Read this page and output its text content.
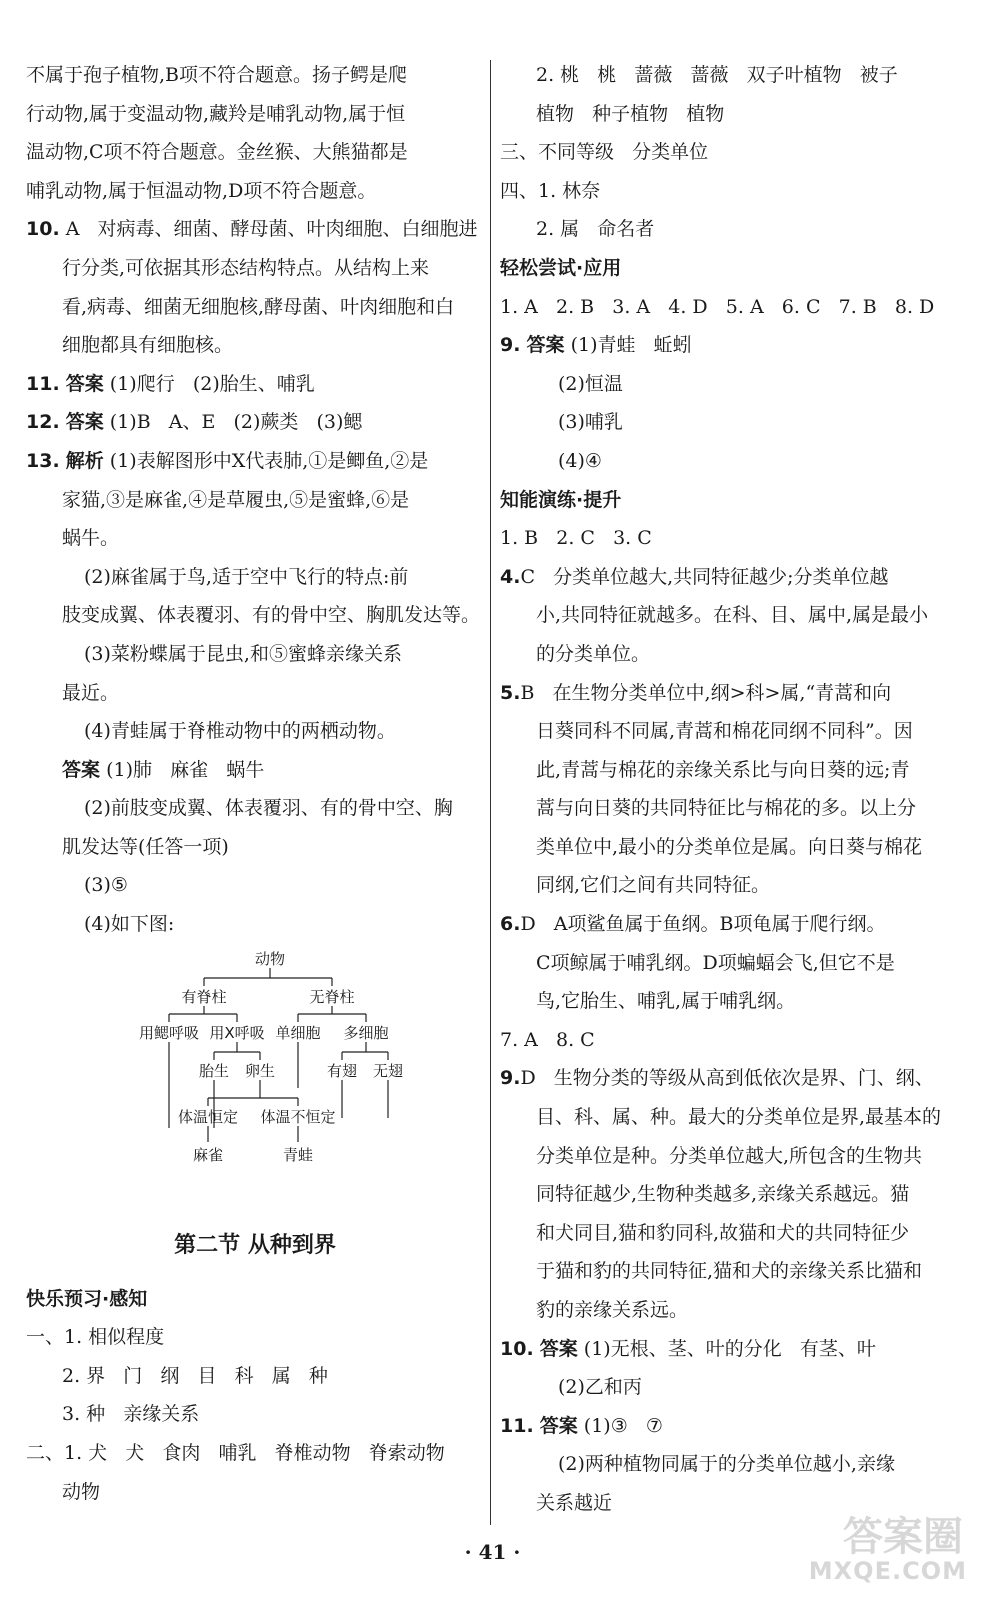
不属于孢子植物,B项不符合题意。扬子鳄是爬

行动物,属于变温动物,藏羚是哺乳动物,属于恒

温动物,C项不符合题意。金丝猴、大熊猫都是

哺乳动物,属于恒温动物,D项不符合题意。

10. A   对病毒、细菌、酵母菌、叶肉细胞、白细胞进

行分类,可依据其形态结构特点。从结构上来

看,病毒、细菌无细胞核,酵母菌、叶肉细胞和白

细胞都具有细胞核。

11. 答案 (1)爬行   (2)胎生、哺乳

12. 答案 (1)B   A、E   (2)蕨类   (3)鳃

13. 解析 (1)表解图形中X代表肺,①是鲫鱼,②是

家猫,③是麻雀,④是草履虫,⑤是蜜蜂,⑥是

蜗牛。

(2)麻雀属于鸟,适于空中飞行的特点:前

肢变成翼、体表覆羽、有的骨中空、胸肌发达等。

(3)菜粉蝶属于昆虫,和⑤蜜蜂亲缘关系

最近。

(4)青蛙属于脊椎动物中的两栖动物。

答案 (1)肺   麻雀   蜗牛

(2)前肢变成翼、体表覆羽、有的骨中空、胸

肌发达等(任答一项)

(3)⑤

(4)如下图:

动物
有脊柱	无脊柱
用鳃呼吸 用X呼吸 单细胞 多细胞
胎生 卵生	有翅 无翅
体温恒定 体温不恒定
麻雀	青蛙
第二节 从种到界

快乐预习·感知

一、1. 相似程度

2. 界   门   纲   目   科   属   种

3. 种   亲缘关系

二、1. 犬   犬   食肉   哺乳   脊椎动物   脊索动物

动物

2. 桃   桃   蔷薇   蔷薇   双子叶植物   被子

植物   种子植物   植物

三、不同等级   分类单位

四、1. 林奈

2. 属   命名者

轻松尝试·应用

1. A   2. B   3. A   4. D   5. A   6. C   7. B   8. D

9. 答案 (1)青蛙   蚯蚓

(2)恒温

(3)哺乳

(4)④

知能演练·提升

1. B   2. C   3. C

4.C   分类单位越大,共同特征越少;分类单位越

小,共同特征就越多。在科、目、属中,属是最小

的分类单位。

5.B   在生物分类单位中,纲>科>属,“青蒿和向

日葵同科不同属,青蒿和棉花同纲不同科”。因

此,青蒿与棉花的亲缘关系比与向日葵的远;青

蒿与向日葵的共同特征比与棉花的多。以上分

类单位中,最小的分类单位是属。向日葵与棉花

同纲,它们之间有共同特征。

6.D   A项鲨鱼属于鱼纲。B项龟属于爬行纲。

C项鲸属于哺乳纲。D项蝙蝠会飞,但它不是

鸟,它胎生、哺乳,属于哺乳纲。

7. A   8. C

9.D   生物分类的等级从高到低依次是界、门、纲、

目、科、属、种。最大的分类单位是界,最基本的

分类单位是种。分类单位越大,所包含的生物共

同特征越少,生物种类越多,亲缘关系越远。猫

和犬同目,猫和豹同科,故猫和犬的共同特征少

于猫和豹的共同特征,猫和犬的亲缘关系比猫和

豹的亲缘关系远。

10. 答案 (1)无根、茎、叶的分化   有茎、叶

(2)乙和丙

11. 答案 (1)③   ⑦

(2)两种植物同属于的分类单位越小,亲缘

关系越近

· 41 ·	答案圈
MXQE.COM
